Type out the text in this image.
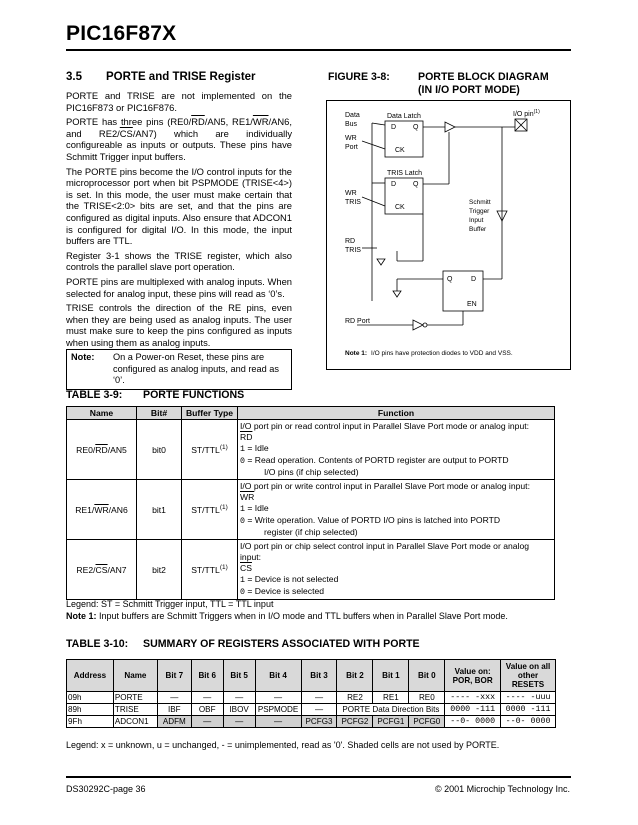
PIC16F87X
3.5 PORTE and TRISE Register

PORTE and TRISE are not implemented on the PIC16F873 or PIC16F876.

PORTE has three pins ($RE0/\overline{RD}/AN5$, $RE1/\overline{WR}/AN6$, and $RE2/\overline{CS}/AN7$) which are individually configureable as inputs or outputs. These pins have Schmitt Trigger input buffers.

The PORTE pins become the I/O control inputs for the microprocessor port when bit PSPMODE (TRISE<4>) is set. In this mode, the user must make certain that the TRISE<2:0> bits are set, and that the pins are configured as digital inputs. Also ensure that ADCON1 is configured for digital I/O. In this mode, the input buffers are TTL.

Register 3-1 shows the TRISE register, which also controls the parallel slave port operation.

PORTE pins are multiplexed with analog inputs. When selected for analog input, these pins will read as ‘0’s.

TRISE controls the direction of the RE pins, even when they are being used as analog inputs. The user must make sure to keep the pins configured as inputs when using them as analog inputs.

Note:	On a Power-on Reset, these pins are configured as analog inputs, and read as ‘0’.
FIGURE 3-8:	PORTE BLOCK DIAGRAM
(IN I/O PORT MODE)
Data
Bus
WR
Port
Data Latch
D Q
CK
TRIS Latch
D Q
CK
WR
TRIS
RD
TRIS
I/O pin$^{(1)}$
Schmitt
Trigger
Input
Buffer
Q	D
EN
RD Port
Note 1: I/O pins have protection diodes to VDD and VSS.
TABLE 3-9: PORTE FUNCTIONS
Name	Bit#	Buffer Type	Function
$RE0/\overline{RD}/AN5$	bit0	ST/TTL$^{(1)}$	I/O port pin or read control input in Parallel Slave Port mode or analog input:
$\overline{RD}$
1 = Idle
0 = Read operation. Contents of PORTD register are output to PORTD
I/O pins (if chip selected)

$RE1/\overline{WR}/AN6$	bit1	ST/TTL$^{(1)}$	I/O port pin or write control input in Parallel Slave Port mode or analog input:
$\overline{WR}$
1 = Idle
0 = Write operation. Value of PORTD I/O pins is latched into PORTD
register (if chip selected)

$RE2/\overline{CS}/AN7$	bit2	ST/TTL$^{(1)}$	I/O port pin or chip select control input in Parallel Slave Port mode or analog input:
$\overline{CS}$
1 = Device is not selected
0 = Device is selected
Legend: ST = Schmitt Trigger input, TTL = TTL input
Note 1: Input buffers are Schmitt Triggers when in I/O mode and TTL buffers when in Parallel Slave Port mode.
TABLE 3-10: SUMMARY OF REGISTERS ASSOCIATED WITH PORTE
Address	Name	Bit 7	Bit 6	Bit 5	Bit 4	Bit 3	Bit 2	Bit 1	Bit 0	Value on: POR, BOR	Value on all other RESETS
09h	PORTE	—	—	—	—	—	RE2	RE1	RE0	---- -xxx	---- -uuu
89h	TRISE	IBF	OBF	IBOV	PSPMODE	—	PORTE Data Direction Bits			0000 -111	0000 -111
9Fh	ADCON1	ADFM	—	—	—	PCFG3	PCFG2	PCFG1	PCFG0	--0- 0000	--0- 0000
Legend: x = unknown, u = unchanged, - = unimplemented, read as '0'. Shaded cells are not used by PORTE.
DS30292C-page 36	© 2001 Microchip Technology Inc.
